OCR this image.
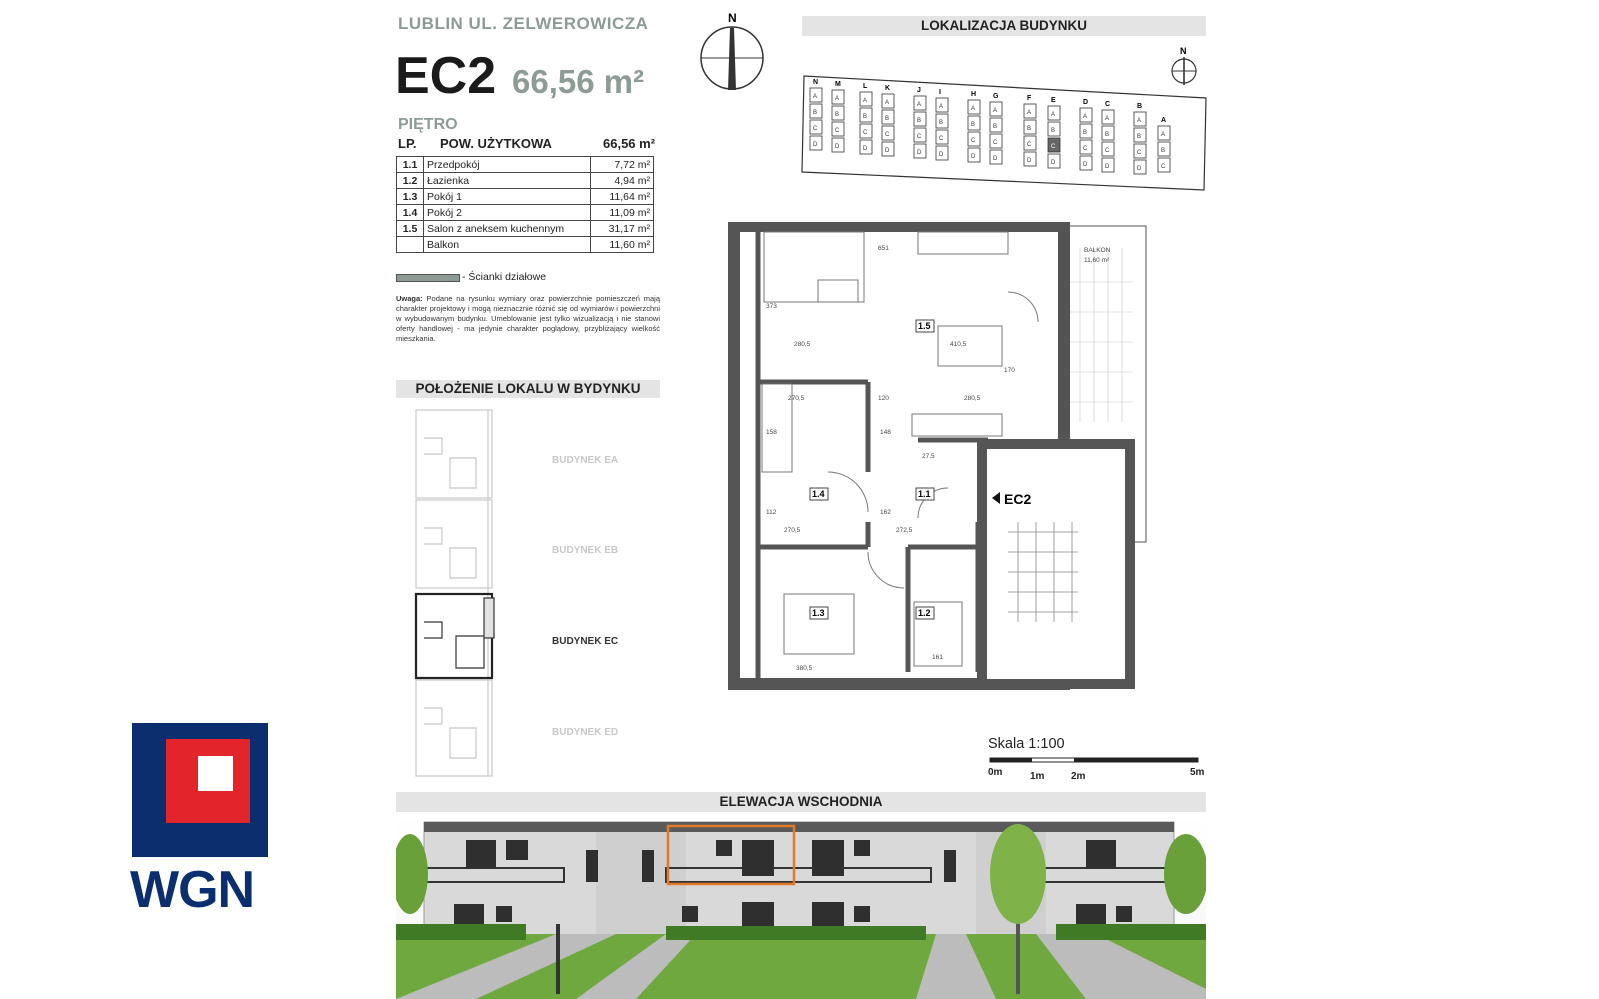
WGN
LUBLIN UL. ZELWEROWICZA
EC2 66,56 m²
PIĘTRO
N
LP. POW. UŻYTKOWA	66,56 m²
1.1	Przedpokój	7,72 m²
1.2	Łazienka	4,94 m²
1.3	Pokój 1	11,64 m²
1.4	Pokój 2	11,09 m²
1.5	Salon z aneksem kuchennym	31,17 m²
	Balkon	11,60 m²
- Ścianki działowe
Uwaga: Podane na rysunku wymiary oraz powierzchnie pomieszczeń mają charakter projektowy i mogą nieznacznie różnić się od wymiarów i powierzchni w wybudowanym budynku. Umeblowanie jest tylko wizualizacją i nie stanowi oferty handlowej - ma jedynie charakter poglądowy, przybliżający wielkość mieszkania.
POŁOŻENIE LOKALU W BYDYNKU
BUDYNEK EA
BUDYNEK EB
BUDYNEK EC
BUDYNEK ED
LOKALIZACJA BUDYNKU
N
N
A
B
C
D
M
A
B
C
D
L
A
B
C
D
K
A
B
C
D
J
A
B
C
D
I
A
B
C
D
H
A
B
C
D
G
A
B
C
D
F
A
B
C
D
E
A
B
C
D
D
A
B
C
D
C
A
B
C
D
B
A
B
C
D
A
A
B
C
1.5
1.4	1.1
1.3	1.2
651
280,5	410,5
270,5	120	280,5
270,5	272,5
380,5
161
148
162
373
170
158
112
27,5
BALKON
11,60 m²
EC2
Skala 1:100
0m	1m	2m	5m
ELEWACJA WSCHODNIA
